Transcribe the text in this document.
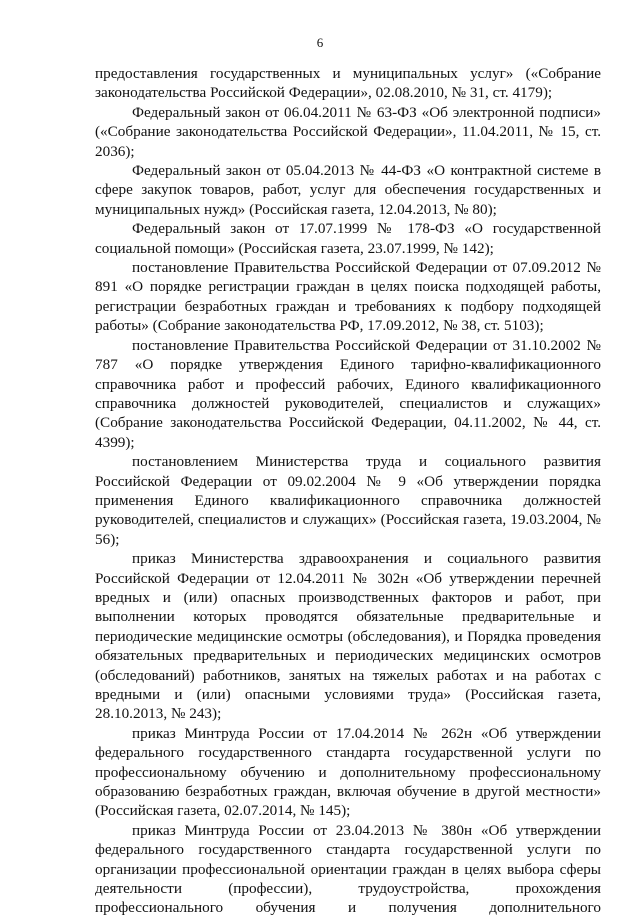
6

предоставления государственных и муниципальных услуг» («Собрание законодательства Российской Федерации», 02.08.2010, № 31, ст. 4179);

Федеральный закон от 06.04.2011 № 63-ФЗ «Об электронной подписи» («Собрание законодательства Российской Федерации», 11.04.2011, № 15, ст. 2036);

Федеральный закон от 05.04.2013 № 44-ФЗ «О контрактной системе в сфере закупок товаров, работ, услуг для обеспечения государственных и муниципальных нужд» (Российская газета, 12.04.2013, № 80);

Федеральный закон от 17.07.1999 № 178-ФЗ «О государственной социальной помощи» (Российская газета, 23.07.1999, № 142);

постановление Правительства Российской Федерации от 07.09.2012 № 891 «О порядке регистрации граждан в целях поиска подходящей работы, регистрации безработных граждан и требованиях к подбору подходящей работы» (Собрание законодательства РФ, 17.09.2012, № 38, ст. 5103);

постановление Правительства Российской Федерации от 31.10.2002 № 787 «О порядке утверждения Единого тарифно-квалификационного справочника работ и профессий рабочих, Единого квалификационного справочника должностей руководителей, специалистов и служащих» (Собрание законодательства Российской Федерации, 04.11.2002, № 44, ст. 4399);

постановлением Министерства труда и социального развития Российской Федерации от 09.02.2004 № 9 «Об утверждении порядка применения Единого квалификационного справочника должностей руководителей, специалистов и служащих» (Российская газета, 19.03.2004, № 56);

приказ Министерства здравоохранения и социального развития Российской Федерации от 12.04.2011 № 302н «Об утверждении перечней вредных и (или) опасных производственных факторов и работ, при выполнении которых проводятся обязательные предварительные и периодические медицинские осмотры (обследования), и Порядка проведения обязательных предварительных и периодических медицинских осмотров (обследований) работников, занятых на тяжелых работах и на работах с вредными и (или) опасными условиями труда» (Российская газета, 28.10.2013, № 243);

приказ Минтруда России от 17.04.2014 № 262н «Об утверждении федерального государственного стандарта государственной услуги по профессиональному обучению и дополнительному профессиональному образованию безработных граждан, включая обучение в другой местности» (Российская газета, 02.07.2014, № 145);

приказ Минтруда России от 23.04.2013 № 380н «Об утверждении федерального государственного стандарта государственной услуги по организации профессиональной ориентации граждан в целях выбора сферы деятельности (профессии), трудоустройства, прохождения профессионального обучения и получения дополнительного
